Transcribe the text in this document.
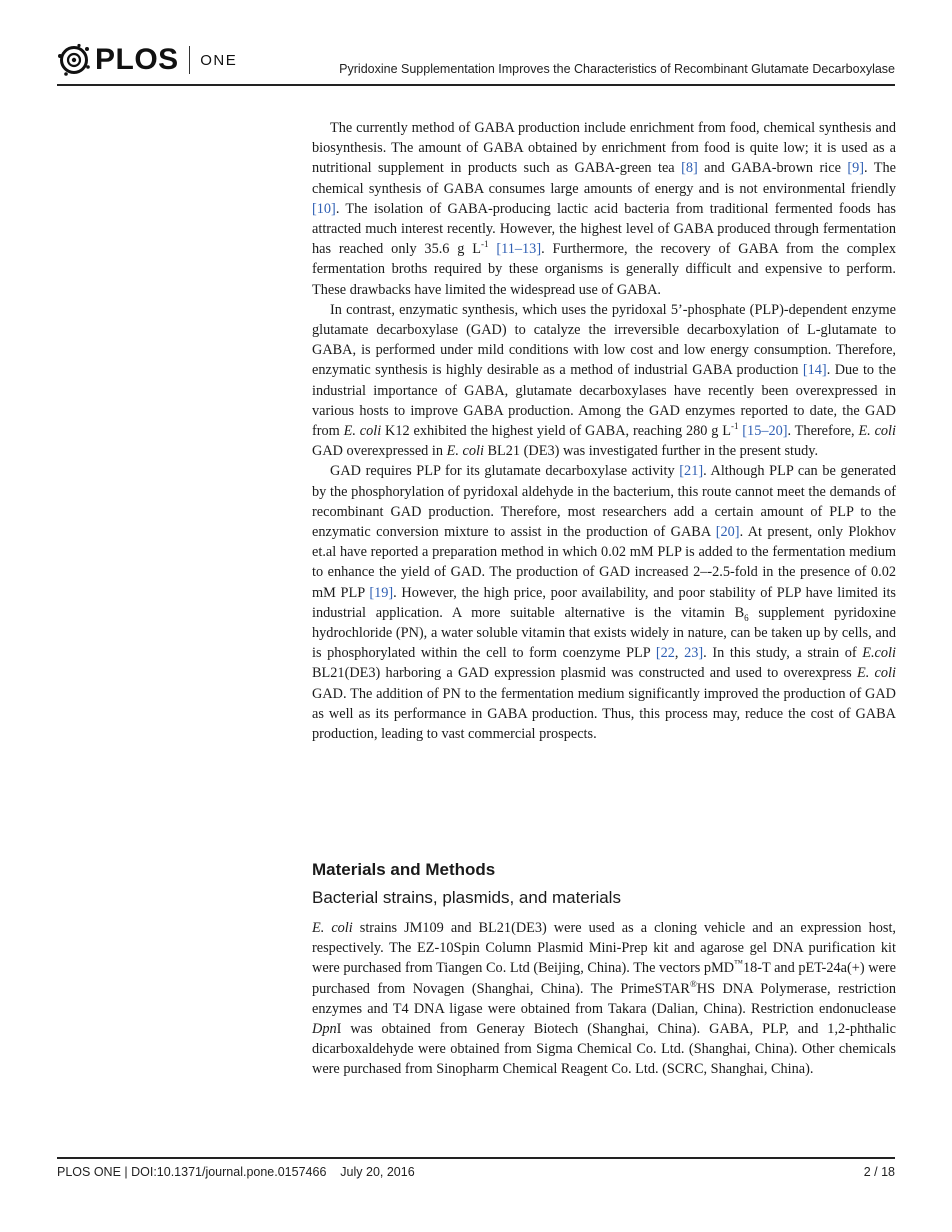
PLOS ONE
Pyridoxine Supplementation Improves the Characteristics of Recombinant Glutamate Decarboxylase

The currently method of GABA production include enrichment from food, chemical synthesis and biosynthesis. The amount of GABA obtained by enrichment from food is quite low; it is used as a nutritional supplement in products such as GABA-green tea [8] and GABA-brown rice [9]. The chemical synthesis of GABA consumes large amounts of energy and is not environmental friendly [10]. The isolation of GABA-producing lactic acid bacteria from traditional fermented foods has attracted much interest recently. However, the highest level of GABA produced through fermentation has reached only 35.6 g $L^{-1}$ [11–13]. Furthermore, the recovery of GABA from the complex fermentation broths required by these organisms is generally difficult and expensive to perform. These drawbacks have limited the widespread use of GABA.

In contrast, enzymatic synthesis, which uses the pyridoxal 5’-phosphate (PLP)-dependent enzyme glutamate decarboxylase (GAD) to catalyze the irreversible decarboxylation of L-glutamate to GABA, is performed under mild conditions with low cost and low energy consumption. Therefore, enzymatic synthesis is highly desirable as a method of industrial GABA production [14]. Due to the industrial importance of GABA, glutamate decarboxylases have recently been overexpressed in various hosts to improve GABA production. Among the GAD enzymes reported to date, the GAD from E. coli K12 exhibited the highest yield of GABA, reaching 280 g $L^{-1}$ [15–20]. Therefore, E. coli GAD overexpressed in E. coli BL21 (DE3) was investigated further in the present study.

GAD requires PLP for its glutamate decarboxylase activity [21]. Although PLP can be generated by the phosphorylation of pyridoxal aldehyde in the bacterium, this route cannot meet the demands of recombinant GAD production. Therefore, most researchers add a certain amount of PLP to the enzymatic conversion mixture to assist in the production of GABA [20]. At present, only Plokhov et.al have reported a preparation method in which 0.02 mM PLP is added to the fermentation medium to enhance the yield of GAD. The production of GAD increased 2–-2.5-fold in the presence of 0.02 mM PLP [19]. However, the high price, poor availability, and poor stability of PLP have limited its industrial application. A more suitable alternative is the vitamin $B_6$ supplement pyridoxine hydrochloride (PN), a water soluble vitamin that exists widely in nature, can be taken up by cells, and is phosphorylated within the cell to form coenzyme PLP [22, 23]. In this study, a strain of E.coli BL21(DE3) harboring a GAD expression plasmid was constructed and used to overexpress E. coli GAD. The addition of PN to the fermentation medium significantly improved the production of GAD as well as its performance in GABA production. Thus, this process may, reduce the cost of GABA production, leading to vast commercial prospects.

Materials and Methods
Bacterial strains, plasmids, and materials

E. coli strains JM109 and BL21(DE3) were used as a cloning vehicle and an expression host, respectively. The EZ-10Spin Column Plasmid Mini-Prep kit and agarose gel DNA purification kit were purchased from Tiangen Co. Ltd (Beijing, China). The vectors pMD™18-T and pET-24a(+) were purchased from Novagen (Shanghai, China). The PrimeSTAR®HS DNA Polymerase, restriction enzymes and T4 DNA ligase were obtained from Takara (Dalian, China). Restriction endonuclease DpnI was obtained from Generay Biotech (Shanghai, China). GABA, PLP, and 1,2-phthalic dicarboxaldehyde were obtained from Sigma Chemical Co. Ltd. (Shanghai, China). Other chemicals were purchased from Sinopharm Chemical Reagent Co. Ltd. (SCRC, Shanghai, China).

PLOS ONE | DOI:10.1371/journal.pone.0157466    July 20, 2016	2 / 18
